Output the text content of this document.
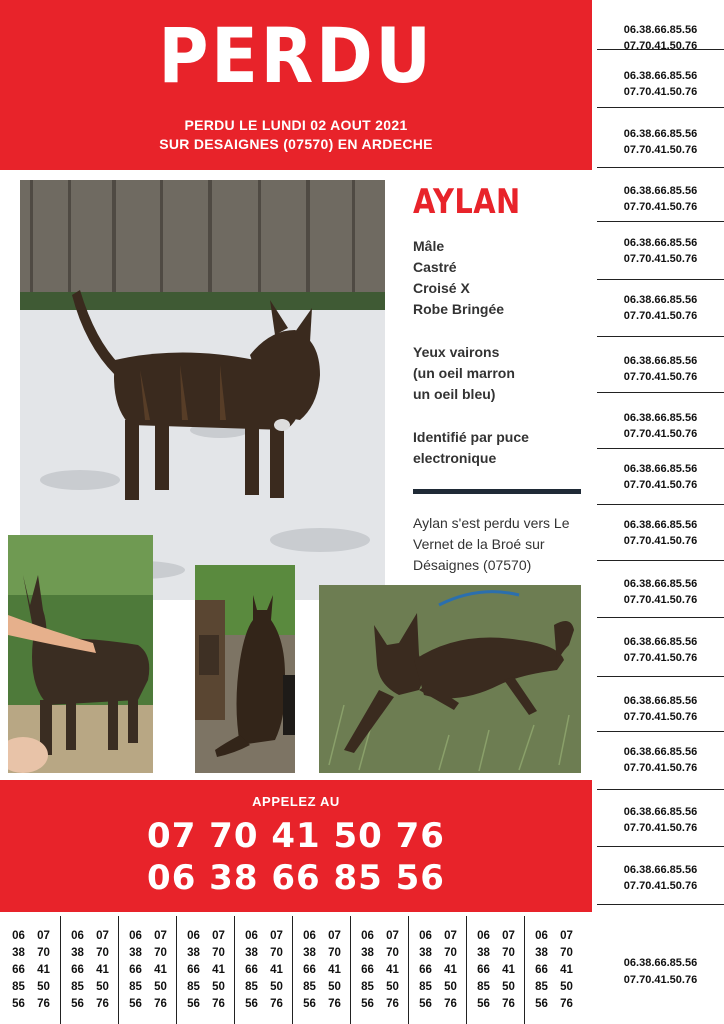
PERDU
PERDU LE LUNDI 02 AOUT 2021
SUR DESAIGNES (07570) EN ARDECHE
06.38.66.85.56
07.70.41.50.76
06.38.66.85.56
07.70.41.50.76
06.38.66.85.56
07.70.41.50.76
06.38.66.85.56
07.70.41.50.76
06.38.66.85.56
07.70.41.50.76
06.38.66.85.56
07.70.41.50.76
06.38.66.85.56
07.70.41.50.76
06.38.66.85.56
07.70.41.50.76
06.38.66.85.56
07.70.41.50.76
06.38.66.85.56
07.70.41.50.76
06.38.66.85.56
07.70.41.50.76
06.38.66.85.56
07.70.41.50.76
06.38.66.85.56
07.70.41.50.76
06.38.66.85.56
07.70.41.50.76
06.38.66.85.56
07.70.41.50.76
06.38.66.85.56
07.70.41.50.76
AYLAN
Mâle
Castré
Croisé X
Robe Bringée
Yeux vairons
(un oeil marron
un oeil bleu)
Identifié par puce
electronique
Aylan s'est perdu vers Le Vernet de la Broé sur Désaignes (07570)
APPELEZ AU
07 70 41 50 76
06 38 66 85 56
06 07
38 70
66 41
85 50
56 76
06 07
38 70
66 41
85 50
56 76
06 07
38 70
66 41
85 50
56 76
06 07
38 70
66 41
85 50
56 76
06 07
38 70
66 41
85 50
56 76
06 07
38 70
66 41
85 50
56 76
06 07
38 70
66 41
85 50
56 76
06 07
38 70
66 41
85 50
56 76
06 07
38 70
66 41
85 50
56 76
06 07
38 70
66 41
85 50
56 76
06.38.66.85.56
07.70.41.50.76
